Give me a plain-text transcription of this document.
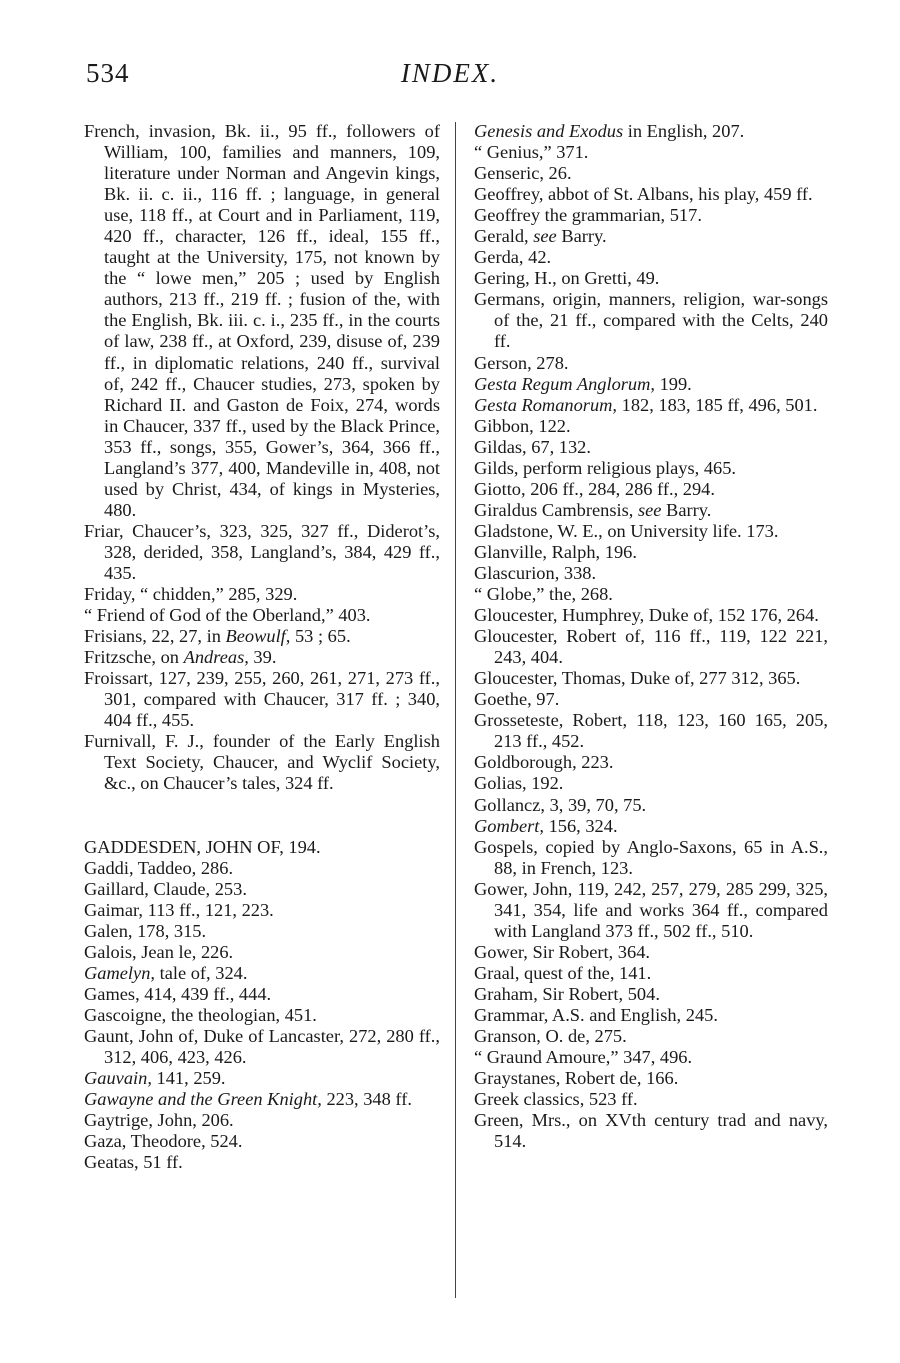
534	INDEX.
French, invasion, Bk. ii., 95 ff., followers of William, 100, families and manners, 109, literature under Norman and Angevin kings, Bk. ii. c. ii., 116 ff. ; language, in general use, 118 ff., at Court and in Parliament, 119, 420 ff., character, 126 ff., ideal, 155 ff., taught at the University, 175, not known by the “ lowe men,” 205 ; used by English authors, 213 ff., 219 ff. ; fusion of the, with the English, Bk. iii. c. i., 235 ff., in the courts of law, 238 ff., at Oxford, 239, disuse of, 239 ff., in diplomatic relations, 240 ff., survival of, 242 ff., Chaucer studies, 273, spoken by Richard II. and Gaston de Foix, 274, words in Chaucer, 337 ff., used by the Black Prince, 353 ff., songs, 355, Gower’s, 364, 366 ff., Langland’s 377, 400, Mandeville in, 408, not used by Christ, 434, of kings in Mysteries, 480.
Friar, Chaucer’s, 323, 325, 327 ff., Diderot’s, 328, derided, 358, Langland’s, 384, 429 ff., 435.
Friday, “ chidden,” 285, 329.
“ Friend of God of the Oberland,” 403.
Frisians, 22, 27, in Beowulf, 53 ; 65.
Fritzsche, on Andreas, 39.
Froissart, 127, 239, 255, 260, 261, 271, 273 ff., 301, compared with Chaucer, 317 ff. ; 340, 404 ff., 455.
Furnivall, F. J., founder of the Early English Text Society, Chaucer, and Wyclif Society, &c., on Chaucer’s tales, 324 ff.
GADDESDEN, JOHN OF, 194.
Gaddi, Taddeo, 286.
Gaillard, Claude, 253.
Gaimar, 113 ff., 121, 223.
Galen, 178, 315.
Galois, Jean le, 226.
Gamelyn, tale of, 324.
Games, 414, 439 ff., 444.
Gascoigne, the theologian, 451.
Gaunt, John of, Duke of Lancaster, 272, 280 ff., 312, 406, 423, 426.
Gauvain, 141, 259.
Gawayne and the Green Knight, 223, 348 ff.
Gaytrige, John, 206.
Gaza, Theodore, 524.
Geatas, 51 ff.
Genesis and Exodus in English, 207.
“ Genius,” 371.
Genseric, 26.
Geoffrey, abbot of St. Albans, his play, 459 ff.
Geoffrey the grammarian, 517.
Gerald, see Barry.
Gerda, 42.
Gering, H., on Gretti, 49.
Germans, origin, manners, religion, war-songs of the, 21 ff., compared with the Celts, 240 ff.
Gerson, 278.
Gesta Regum Anglorum, 199.
Gesta Romanorum, 182, 183, 185 ff, 496, 501.
Gibbon, 122.
Gildas, 67, 132.
Gilds, perform religious plays, 465.
Giotto, 206 ff., 284, 286 ff., 294.
Giraldus Cambrensis, see Barry.
Gladstone, W. E., on University life. 173.
Glanville, Ralph, 196.
Glascurion, 338.
“ Globe,” the, 268.
Gloucester, Humphrey, Duke of, 152 176, 264.
Gloucester, Robert of, 116 ff., 119, 122 221, 243, 404.
Gloucester, Thomas, Duke of, 277 312, 365.
Goethe, 97.
Grosseteste, Robert, 118, 123, 160 165, 205, 213 ff., 452.
Goldborough, 223.
Golias, 192.
Gollancz, 3, 39, 70, 75.
Gombert, 156, 324.
Gospels, copied by Anglo-Saxons, 65 in A.S., 88, in French, 123.
Gower, John, 119, 242, 257, 279, 285 299, 325, 341, 354, life and works 364 ff., compared with Langland 373 ff., 502 ff., 510.
Gower, Sir Robert, 364.
Graal, quest of the, 141.
Graham, Sir Robert, 504.
Grammar, A.S. and English, 245.
Granson, O. de, 275.
“ Graund Amoure,” 347, 496.
Graystanes, Robert de, 166.
Greek classics, 523 ff.
Green, Mrs., on XVth century trad and navy, 514.
